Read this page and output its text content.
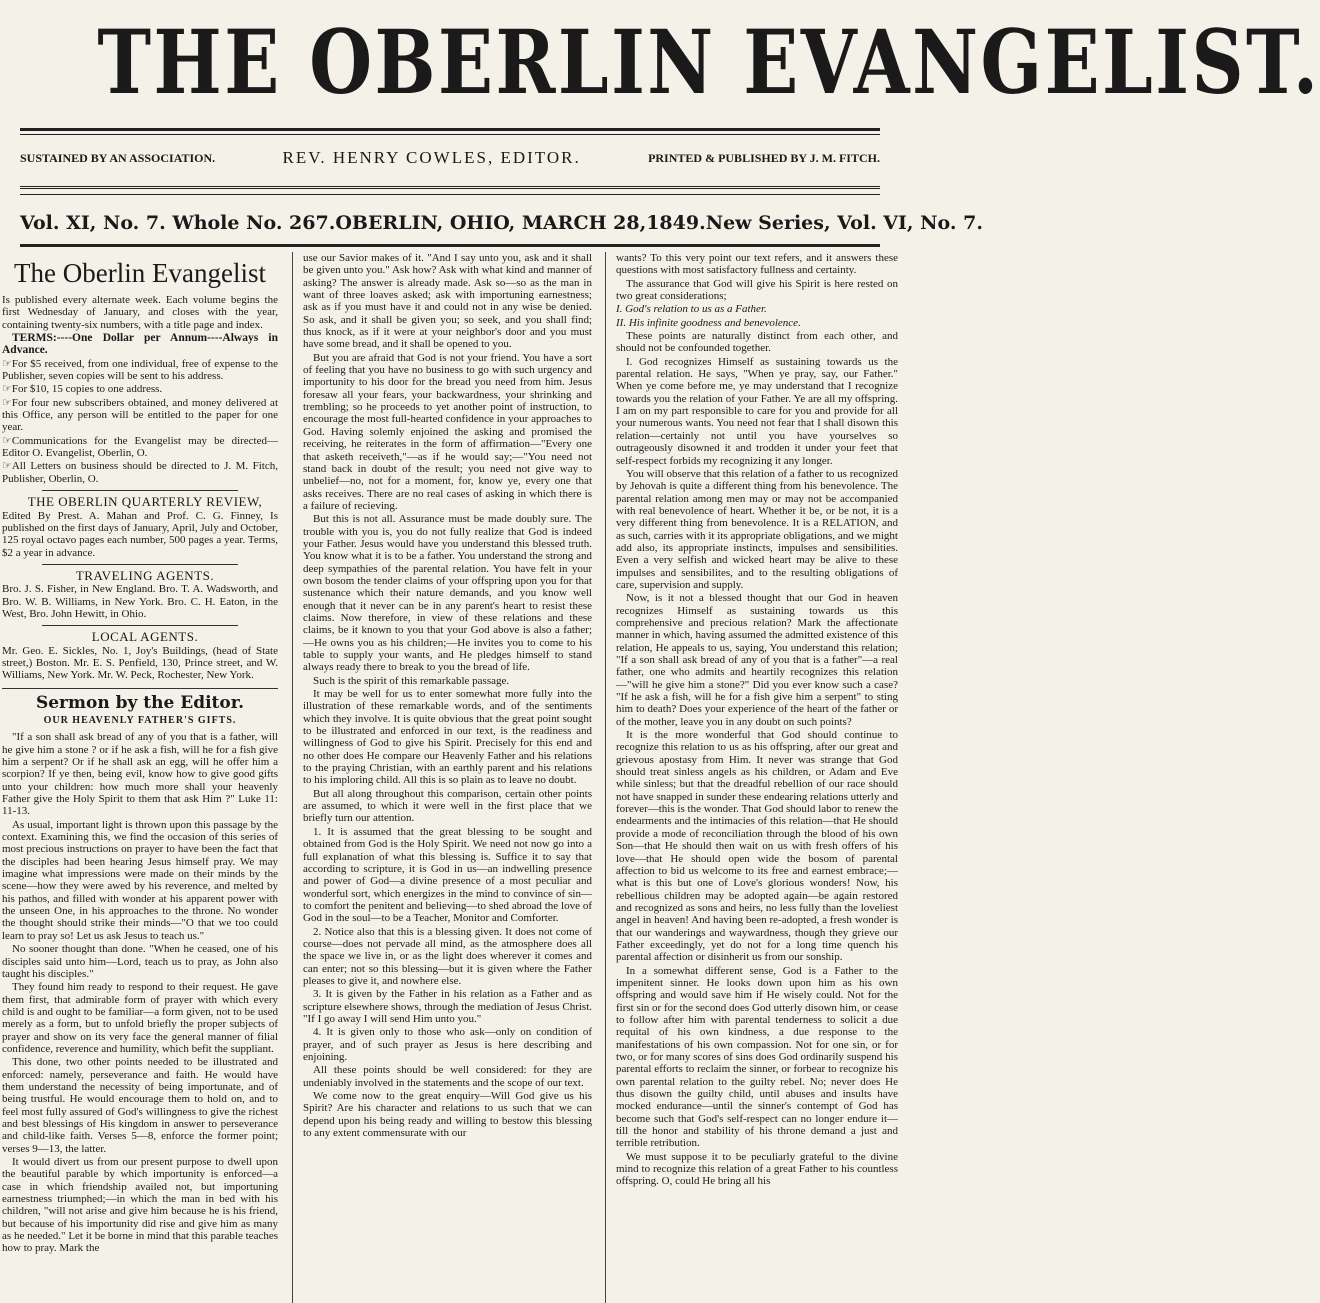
THE OBERLIN EVANGELIST.
SUSTAINED BY AN ASSOCIATION.	REV. HENRY COWLES, EDITOR.	PRINTED & PUBLISHED BY J. M. FITCH.
Vol. XI, No. 7. Whole No. 267. OBERLIN, OHIO, MARCH 28,1849. New Series, Vol. VI, No. 7.
The Oberlin Evangelist

Is published every alternate week. Each volume begins the first Wednesday of January, and closes with the year, containing twenty-six numbers, with a title page and index.

TERMS:----One Dollar per Annum----Always in Advance.

☞For $5 received, from one individual, free of expense to the Publisher, seven copies will be sent to his address.

☞For $10, 15 copies to one address.

☞For four new subscribers obtained, and money delivered at this Office, any person will be entitled to the paper for one year.

☞Communications for the Evangelist may be directed—Editor O. Evangelist, Oberlin, O.

☞All Letters on business should be directed to J. M. Fitch, Publisher, Oberlin, O.

THE OBERLIN QUARTERLY REVIEW,

Edited By Prest. A. Mahan and Prof. C. G. Finney, Is published on the first days of January, April, July and October, 125 royal octavo pages each number, 500 pages a year. Terms, $2 a year in advance.

TRAVELING AGENTS.

Bro. J. S. Fisher, in New England. Bro. T. A. Wadsworth, and Bro. W. B. Williams, in New York. Bro. C. H. Eaton, in the West, Bro. John Hewitt, in Ohio.

LOCAL AGENTS.

Mr. Geo. E. Sickles, No. 1, Joy's Buildings, (head of State street,) Boston. Mr. E. S. Penfield, 130, Prince street, and W. Williams, New York. Mr. W. Peck, Rochester, New York.

Sermon by the Editor.
OUR HEAVENLY FATHER'S GIFTS.

"If a son shall ask bread of any of you that is a father, will he give him a stone ? or if he ask a fish, will he for a fish give him a serpent? Or if he shall ask an egg, will he offer him a scorpion? If ye then, being evil, know how to give good gifts unto your children: how much more shall your heavenly Father give the Holy Spirit to them that ask Him ?" Luke 11: 11-13.

As usual, important light is thrown upon this passage by the context. Examining this, we find the occasion of this series of most precious instructions on prayer to have been the fact that the disciples had been hearing Jesus himself pray. We may imagine what impressions were made on their minds by the scene—how they were awed by his reverence, and melted by his pathos, and filled with wonder at his apparent power with the unseen One, in his approaches to the throne. No wonder the thought should strike their minds—"O that we too could learn to pray so! Let us ask Jesus to teach us."

No sooner thought than done. "When he ceased, one of his disciples said unto him—Lord, teach us to pray, as John also taught his disciples."

They found him ready to respond to their request. He gave them first, that admirable form of prayer with which every child is and ought to be familiar—a form given, not to be used merely as a form, but to unfold briefly the proper subjects of prayer and show on its very face the general manner of filial confidence, reverence and humility, which befit the suppliant.

This done, two other points needed to be illustrated and enforced: namely, perseverance and faith. He would have them understand the necessity of being importunate, and of being trustful. He would encourage them to hold on, and to feel most fully assured of God's willingness to give the richest and best blessings of His kingdom in answer to perseverance and child-like faith. Verses 5—8, enforce the former point; verses 9—13, the latter.

It would divert us from our present purpose to dwell upon the beautiful parable by which importunity is enforced—a case in which friendship availed not, but importuning earnestness triumphed;—in which the man in bed with his children, "will not arise and give him because he is his friend, but because of his importunity did rise and give him as many as he needed." Let it be borne in mind that this parable teaches how to pray. Mark the

use our Savior makes of it. "And I say unto you, ask and it shall be given unto you." Ask how? Ask with what kind and manner of asking? The answer is already made. Ask so—so as the man in want of three loaves asked; ask with importuning earnestness; ask as if you must have it and could not in any wise be denied. So ask, and it shall be given you; so seek, and you shall find; thus knock, as if it were at your neighbor's door and you must have some bread, and it shall be opened to you.

But you are afraid that God is not your friend. You have a sort of feeling that you have no business to go with such urgency and importunity to his door for the bread you need from him. Jesus foresaw all your fears, your backwardness, your shrinking and trembling; so he proceeds to yet another point of instruction, to encourage the most full-hearted confidence in your approaches to God. Having solemly enjoined the asking and promised the receiving, he reiterates in the form of affirmation—"Every one that asketh receiveth,"—as if he would say;—"You need not stand back in doubt of the result; you need not give way to unbelief—no, not for a moment, for, know ye, every one that asks receives. There are no real cases of asking in which there is a failure of recieving.

But this is not all. Assurance must be made doubly sure. The trouble with you is, you do not fully realize that God is indeed your Father. Jesus would have you understand this blessed truth. You know what it is to be a father. You understand the strong and deep sympathies of the parental relation. You have felt in your own bosom the tender claims of your offspring upon you for that sustenance which their nature demands, and you know well enough that it never can be in any parent's heart to resist these claims. Now therefore, in view of these relations and these claims, be it known to you that your God above is also a father;—He owns you as his children;—He invites you to come to his table to supply your wants, and He pledges himself to stand always ready there to break to you the bread of life.

Such is the spirit of this remarkable passage.

It may be well for us to enter somewhat more fully into the illustration of these remarkable words, and of the sentiments which they involve. It is quite obvious that the great point sought to be illustrated and enforced in our text, is the readiness and willingness of God to give his Spirit. Precisely for this end and no other does He compare our Heavenly Father and his relations to the praying Christian, with an earthly parent and his relations to his imploring child. All this is so plain as to leave no doubt.

But all along throughout this comparison, certain other points are assumed, to which it were well in the first place that we briefly turn our attention.

1. It is assumed that the great blessing to be sought and obtained from God is the Holy Spirit. We need not now go into a full explanation of what this blessing is. Suffice it to say that according to scripture, it is God in us—an indwelling presence and power of God—a divine presence of a most peculiar and wonderful sort, which energizes in the mind to convince of sin—to comfort the penitent and believing—to shed abroad the love of God in the soul—to be a Teacher, Monitor and Comforter.

2. Notice also that this is a blessing given. It does not come of course—does not pervade all mind, as the atmosphere does all the space we live in, or as the light does wherever it comes and can enter; not so this blessing—but it is given where the Father pleases to give it, and nowhere else.

3. It is given by the Father in his relation as a Father and as scripture elsewhere shows, through the mediation of Jesus Christ. "If I go away I will send Him unto you."

4. It is given only to those who ask—only on condition of prayer, and of such prayer as Jesus is here describing and enjoining.

All these points should be well considered: for they are undeniably involved in the statements and the scope of our text.

We come now to the great enquiry—Will God give us his Spirit? Are his character and relations to us such that we can depend upon his being ready and willing to bestow this blessing to any extent commensurate with our

wants? To this very point our text refers, and it answers these questions with most satisfactory fullness and certainty.

The assurance that God will give his Spirit is here rested on two great considerations;

I. God's relation to us as a Father.

II. His infinite goodness and benevolence.

These points are naturally distinct from each other, and should not be confounded together.

I. God recognizes Himself as sustaining towards us the parental relation. He says, "When ye pray, say, our Father." When ye come before me, ye may understand that I recognize towards you the relation of your Father. Ye are all my offspring. I am on my part responsible to care for you and provide for all your numerous wants. You need not fear that I shall disown this relation—certainly not until you have yourselves so outrageously disowned it and trodden it under your feet that self-respect forbids my recognizing it any longer.

You will observe that this relation of a father to us recognized by Jehovah is quite a different thing from his benevolence. The parental relation among men may or may not be accompanied with real benevolence of heart. Whether it be, or be not, it is a very different thing from benevolence. It is a RELATION, and as such, carries with it its appropriate obligations, and we might add also, its appropriate instincts, impulses and sensibilities. Even a very selfish and wicked heart may be alive to these impulses and sensibilites, and to the resulting obligations of care, supervision and supply.

Now, is it not a blessed thought that our God in heaven recognizes Himself as sustaining towards us this comprehensive and precious relation? Mark the affectionate manner in which, having assumed the admitted existence of this relation, He appeals to us, saying, You understand this relation; "If a son shall ask bread of any of you that is a father"—a real father, one who admits and heartily recognizes this relation—"will he give him a stone?" Did you ever know such a case? "If he ask a fish, will he for a fish give him a serpent" to sting him to death? Does your experience of the heart of the father or of the mother, leave you in any doubt on such points?

It is the more wonderful that God should continue to recognize this relation to us as his offspring, after our great and grievous apostasy from Him. It never was strange that God should treat sinless angels as his children, or Adam and Eve while sinless; but that the dreadful rebellion of our race should not have snapped in sunder these endearing relations utterly and forever—this is the wonder. That God should labor to renew the endearments and the intimacies of this relation—that He should provide a mode of reconciliation through the blood of his own Son—that He should then wait on us with fresh offers of his love—that He should open wide the bosom of parental affection to bid us welcome to its free and earnest embrace;—what is this but one of Love's glorious wonders! Now, his rebellious children may be adopted again—be again restored and recognized as sons and heirs, no less fully than the loveliest angel in heaven! And having been re-adopted, a fresh wonder is that our wanderings and waywardness, though they grieve our Father exceedingly, yet do not for a long time quench his parental affection or disinherit us from our sonship.

In a somewhat different sense, God is a Father to the impenitent sinner. He looks down upon him as his own offspring and would save him if He wisely could. Not for the first sin or for the second does God utterly disown him, or cease to follow after him with parental tenderness to solicit a due requital of his own kindness, a due response to the manifestations of his own compassion. Not for one sin, or for two, or for many scores of sins does God ordinarily suspend his parental efforts to reclaim the sinner, or forbear to recognize his own parental relation to the guilty rebel. No; never does He thus disown the guilty child, until abuses and insults have mocked endurance—until the sinner's contempt of God has become such that God's self-respect can no longer endure it—till the honor and stability of his throne demand a just and terrible retribution.

We must suppose it to be peculiarly grateful to the divine mind to recognize this relation of a great Father to his countless offspring. O, could He bring all his
